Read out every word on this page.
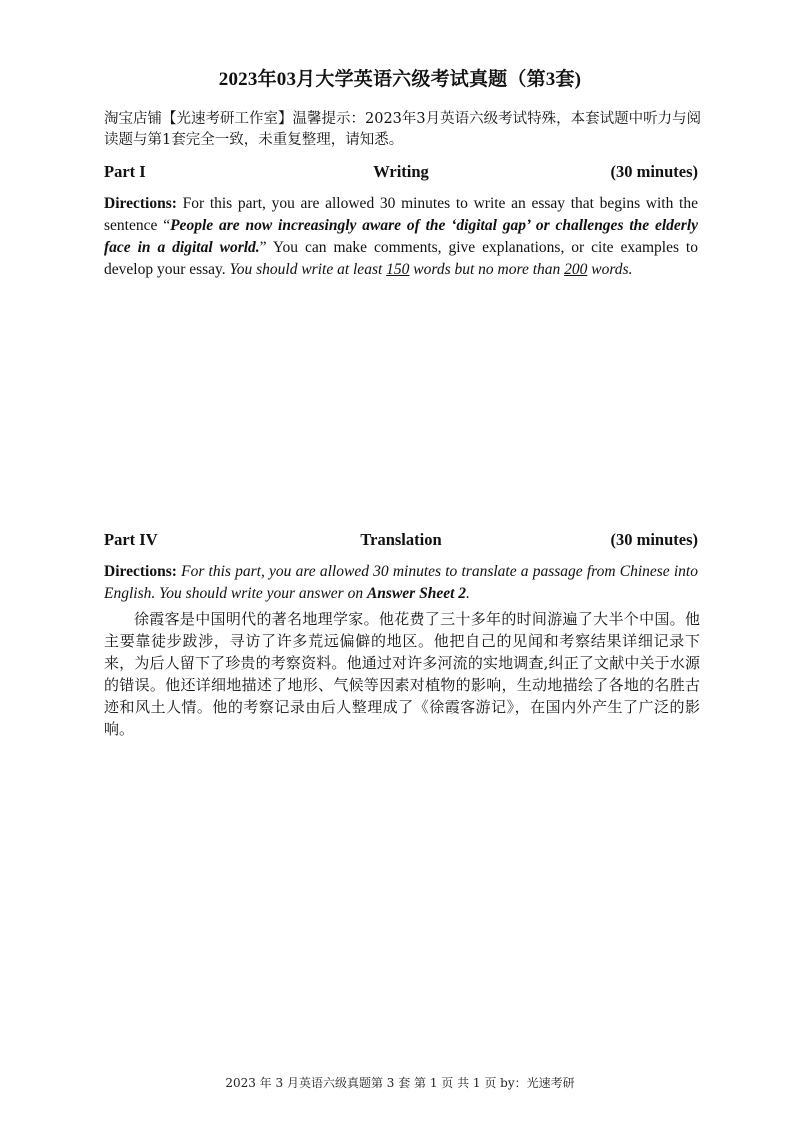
2023年03月大学英语六级考试真题（第3套)
淘宝店铺【光速考研工作室】温馨提示：2023年3月英语六级考试特殊，本套试题中听力与阅读题与第1套完全一致，未重复整理，请知悉。
Part I	Writing	(30 minutes)
Directions: For this part, you are allowed 30 minutes to write an essay that begins with the sentence “People are now increasingly aware of the ‘digital gap’ or challenges the elderly face in a digital world.” You can make comments, give explanations, or cite examples to develop your essay. You should write at least 150 words but no more than 200 words.
Part IV	Translation	(30 minutes)
Directions: For this part, you are allowed 30 minutes to translate a passage from Chinese into English. You should write your answer on Answer Sheet 2.
徐霞客是中国明代的著名地理学家。他花费了三十多年的时间游遍了大半个中国。他主要靠徒步跋涉，寻访了许多荒远偏僻的地区。他把自己的见闻和考察结果详细记录下来，为后人留下了珍贵的考察资料。他通过对许多河流的实地调查,纠正了文献中关于水源的错误。他还详细地描述了地形、气候等因素对植物的影响，生动地描绘了各地的名胜古迹和风土人情。他的考察记录由后人整理成了《徐霞客游记》，在国内外产生了广泛的影响。
2023 年 3 月英语六级真题第 3 套 第 1 页 共 1 页 by：光速考研
